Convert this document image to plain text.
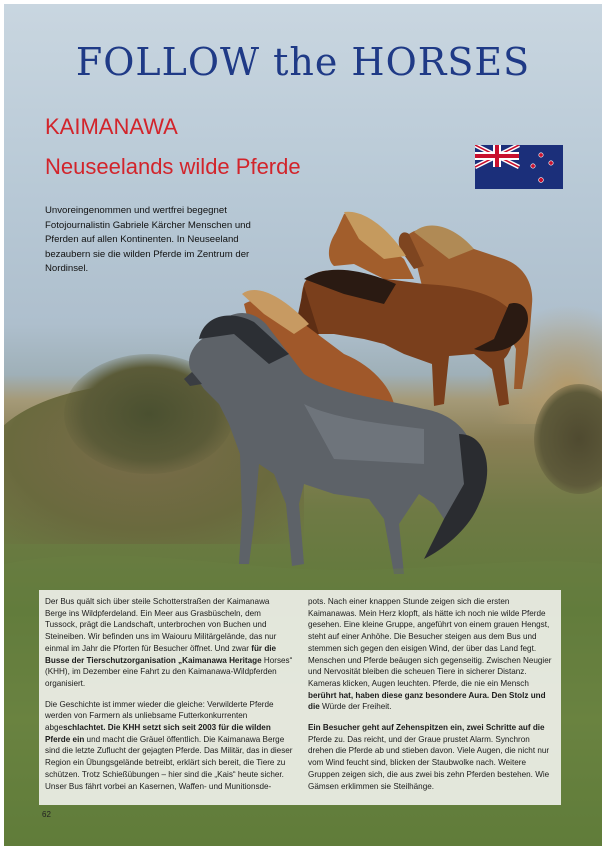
FOLLOW the HORSES
KAIMANAWA
Neuseelands wilde Pferde
Unvoreingenommen und wertfrei begegnet Fotojournalistin Gabriele Kärcher Menschen und Pferden auf allen Kontinenten. In Neuseeland bezaubern sie die wilden Pferde im Zentrum der Nordinsel.

Der Bus quält sich über steile Schotterstraßen der Kaimanawa Berge ins Wildpferdeland. Ein Meer aus Grasbüscheln, dem Tussock, prägt die Landschaft, unterbrochen von Buchen und Steineiben. Wir befinden uns im Waiouru Militärgelände, das nur einmal im Jahr die Pforten für Besucher öffnet. Und zwar für die Busse der Tierschutzorganisation „Kaimanawa Heritage Horses“ (KHH), im Dezember eine Fahrt zu den Kaimanawa-Wildpferden organisiert.

Die Geschichte ist immer wieder die gleiche: Verwilderte Pferde werden von Farmern als unliebsame Futterkonkurrenten abgeschlachtet. Die KHH setzt sich seit 2003 für die wilden Pferde ein und macht die Gräuel öffentlich. Die Kaimanawa Berge sind die letzte Zuflucht der gejagten Pferde. Das Militär, das in dieser Region ein Übungsgelände betreibt, erklärt sich bereit, die Tiere zu schützen. Trotz Schießübungen – hier sind die „Kais“ heute sicher. Unser Bus fährt vorbei an Kasernen, Waffen- und Munitionsde-

pots. Nach einer knappen Stunde zeigen sich die ersten Kaimanawas. Mein Herz klopft, als hätte ich noch nie wilde Pferde gesehen. Eine kleine Gruppe, angeführt von einem grauen Hengst, steht auf einer Anhöhe. Die Besucher steigen aus dem Bus und stemmen sich gegen den eisigen Wind, der über das Land fegt. Menschen und Pferde beäugen sich gegenseitig. Zwischen Neugier und Nervosität bleiben die scheuen Tiere in sicherer Distanz. Kameras klicken, Augen leuchten. Pferde, die nie ein Mensch berührt hat, haben diese ganz besondere Aura. Den Stolz und die Würde der Freiheit.

Ein Besucher geht auf Zehenspitzen ein, zwei Schritte auf die Pferde zu. Das reicht, und der Graue prustet Alarm. Synchron drehen die Pferde ab und stieben davon. Viele Augen, die nicht nur vom Wind feucht sind, blicken der Staubwolke nach. Weitere Gruppen zeigen sich, die aus zwei bis zehn Pferden bestehen. Wie Gämsen erklimmen sie Steilhänge.

62
